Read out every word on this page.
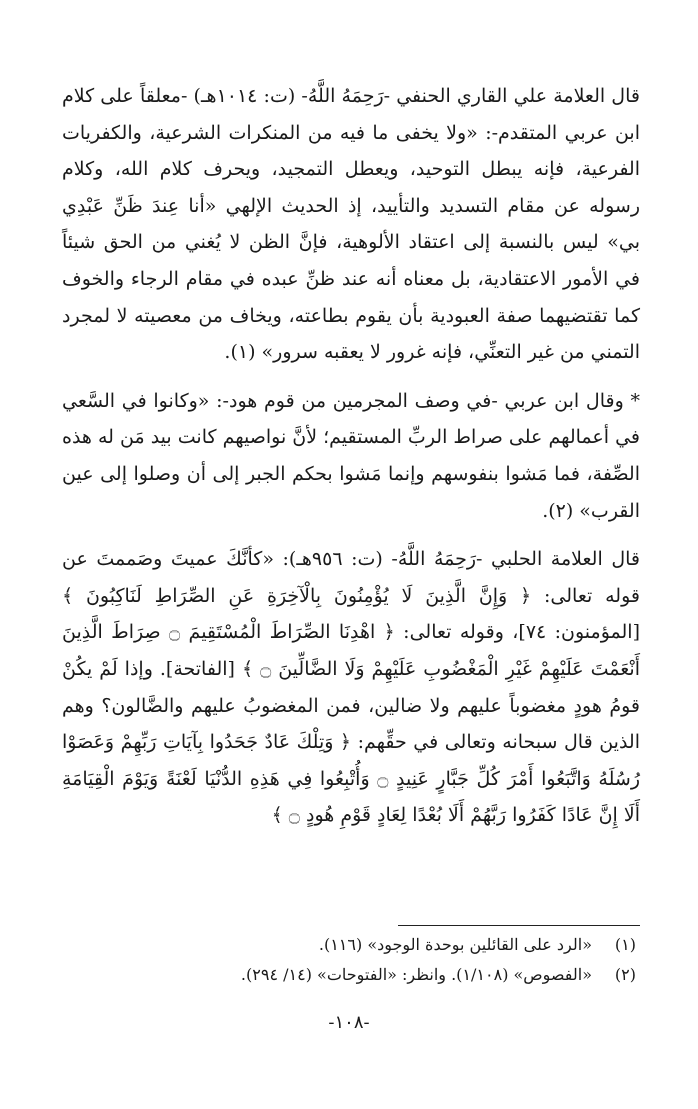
قال العلامة علي القاري الحنفي -رَحِمَهُ اللَّهُ- (ت: ١٠١٤هـ) -معلقاً على كلام ابن عربي المتقدم-: «ولا يخفى ما فيه من المنكرات الشرعية، والكفريات الفرعية، فإنه يبطل التوحيد، ويعطل التمجيد، ويحرف كلام الله، وكلام رسوله عن مقام التسديد والتأييد، إذ الحديث الإلهي «أنا عِندَ ظَنِّ عَبْدِي بي» ليس بالنسبة إلى اعتقاد الألوهية، فإنَّ الظن لا يُغني من الحق شيئاً في الأمور الاعتقادية، بل معناه أنه عند ظنِّ عبده في مقام الرجاء والخوف كما تقتضيهما صفة العبودية بأن يقوم بطاعته، ويخاف من معصيته لا لمجرد التمني من غير التعنِّي، فإنه غرور لا يعقبه سرور» (١).

* وقال ابن عربي -في وصف المجرمين من قوم هود-: «وكانوا في السَّعي في أعمالهم على صراط الربِّ المستقيم؛ لأنَّ نواصيهم كانت بيد مَن له هذه الصِّفة، فما مَشوا بنفوسهم وإنما مَشوا بحكم الجبر إلى أن وصلوا إلى عين القرب» (٢).

قال العلامة الحلبي -رَحِمَهُ اللَّهُ- (ت: ٩٥٦هـ): «كأنَّكَ عميتَ وصَممتَ عن قوله تعالى: ﴿ وَإِنَّ الَّذِينَ لَا يُؤْمِنُونَ بِالْآخِرَةِ عَنِ الصِّرَاطِ لَنَاكِبُونَ ﴾ [المؤمنون: ٧٤]، وقوله تعالى: ﴿ اهْدِنَا الصِّرَاطَ الْمُسْتَقِيمَ ۝ صِرَاطَ الَّذِينَ أَنْعَمْتَ عَلَيْهِمْ غَيْرِ الْمَغْضُوبِ عَلَيْهِمْ وَلَا الضَّالِّينَ ۝ ﴾ [الفاتحة]. وإذا لَمْ يكُنْ قومُ هودٍ مغضوباً عليهم ولا ضالين، فمن المغضوبُ عليهم والضَّالون؟ وهم الذين قال سبحانه وتعالى في حقِّهم: ﴿ وَتِلْكَ عَادٌ جَحَدُوا بِآيَاتِ رَبِّهِمْ وَعَصَوْا رُسُلَهُ وَاتَّبَعُوا أَمْرَ كُلِّ جَبَّارٍ عَنِيدٍ ۝ وَأُتْبِعُوا فِي هَذِهِ الدُّنْيَا لَعْنَةً وَيَوْمَ الْقِيَامَةِ أَلَا إِنَّ عَادًا كَفَرُوا رَبَّهُمْ أَلَا بُعْدًا لِعَادٍ قَوْمِ هُودٍ ۝ ﴾

(١)
«الرد على القائلين بوحدة الوجود» (١١٦).
(٢)
«الفصوص» (١/١٠٨). وانظر: «الفتوحات» (١٤/ ٢٩٤).
-١٠٨-
